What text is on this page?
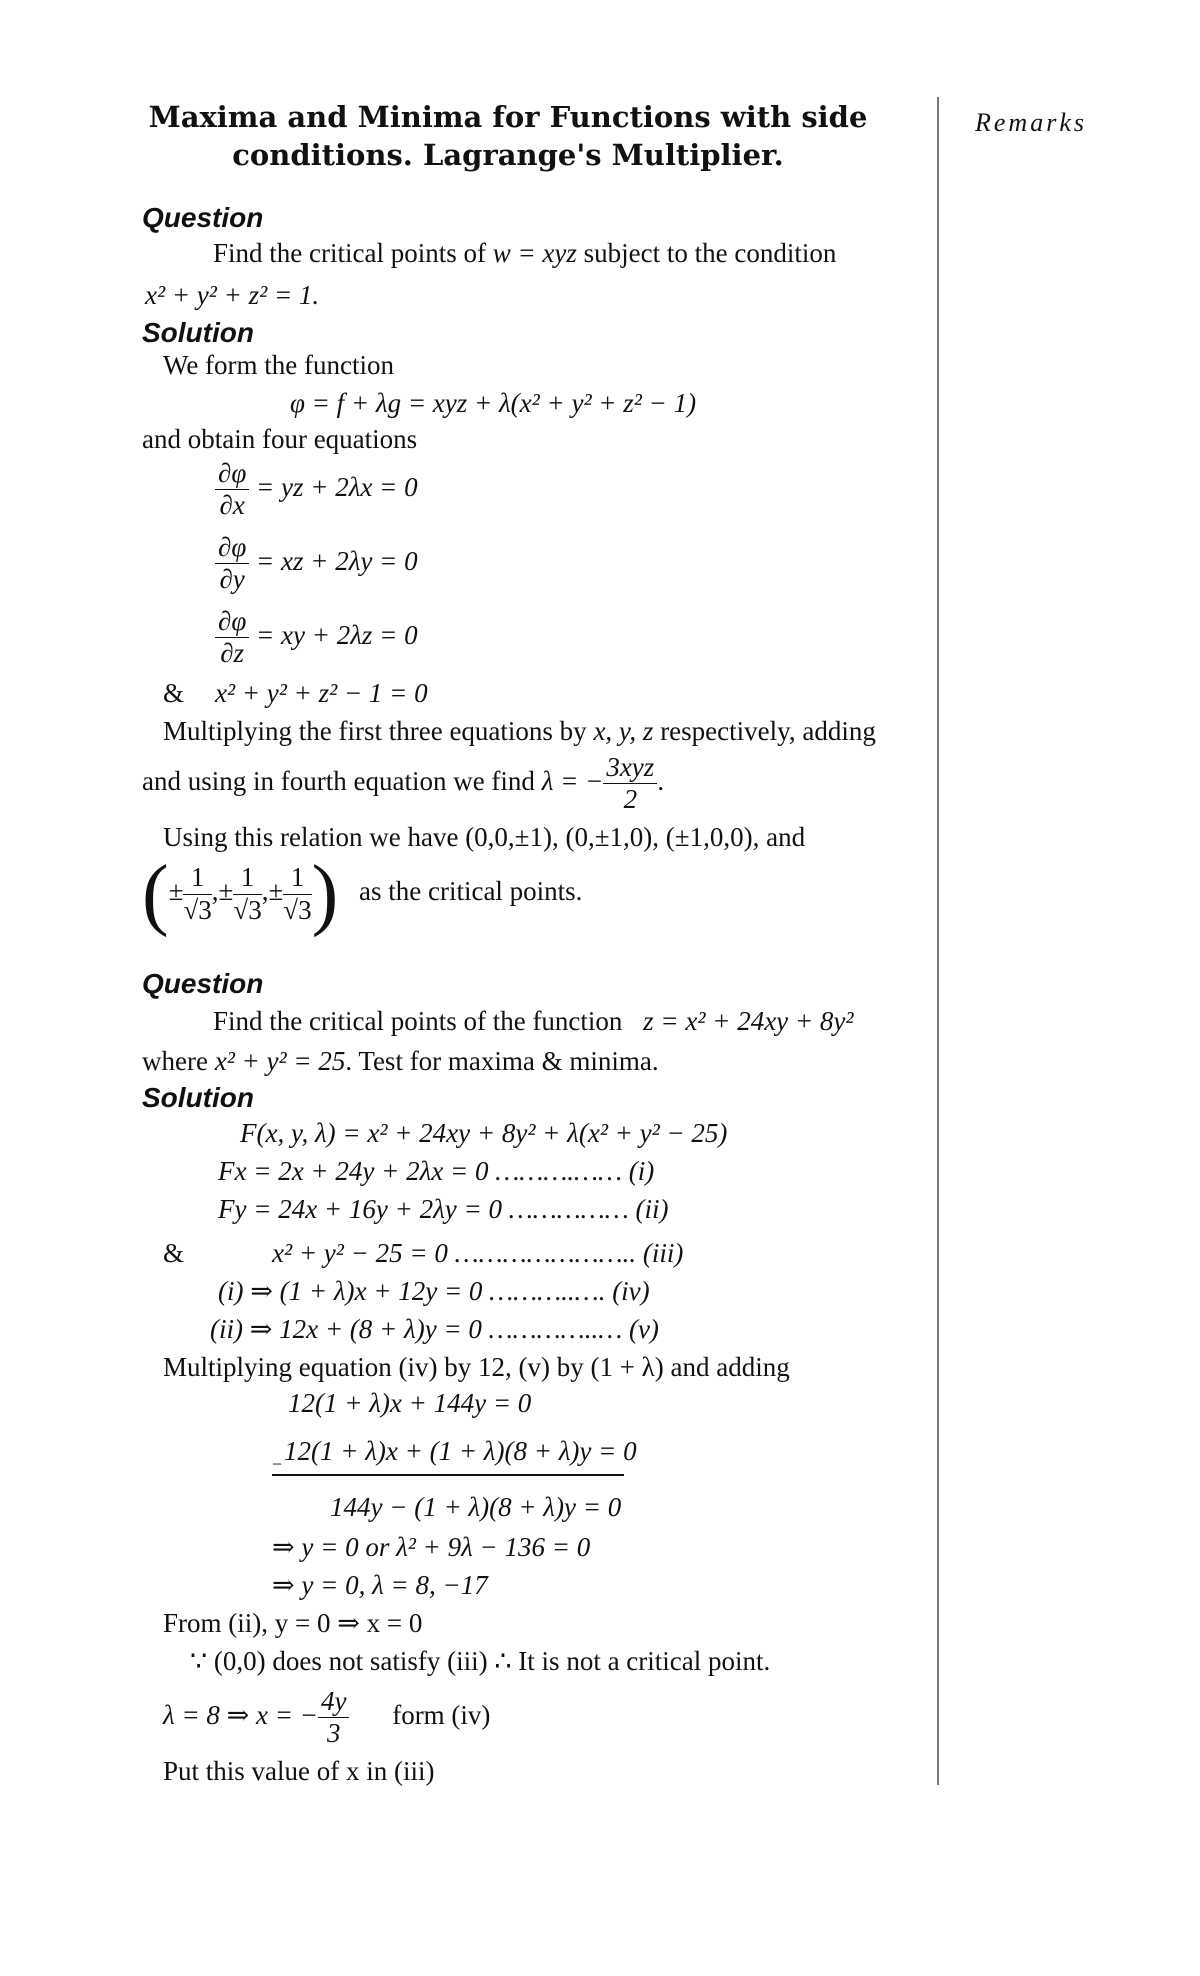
Maxima and Minima for Functions with side
conditions. Lagrange's Multiplier.
Remarks
Question
Find the critical points of w = xyz subject to the condition
x² + y² + z² = 1.
Solution
We form the function
φ = f + λg = xyz + λ(x² + y² + z² − 1)
and obtain four equations
$\frac{\partial\varphi}{\partial x}$ = yz + 2λx = 0
$\frac{\partial\varphi}{\partial y}$ = xz + 2λy = 0
$\frac{\partial\varphi}{\partial z}$ = xy + 2λz = 0
& x² + y² + z² − 1 = 0
Multiplying the first three equations by x, y, z respectively, adding
and using in fourth equation we find λ = − $\frac{\text{3xyz}}{2}$ .
Using this relation we have (0,0,±1), (0,±1,0), (±1,0,0), and
(± $\frac{1}{√3}$ ,± $\frac{1}{√3}$ ,± $\frac{1}{√3}$ ) as the critical points.
Question
Find the critical points of the function z = x² + 24xy + 8y²
where x² + y² = 25. Test for maxima & minima.
Solution
F(x, y, λ) = x² + 24xy + 8y² + λ(x² + y² − 25)
Fx = 2x + 24y + 2λx = 0 ……….…… (i)
Fy = 24x + 16y + 2λy = 0 …………… (ii)
&	x² + y² − 25 = 0 ………………….. (iii)
(i) ⇒ (1 + λ)x + 12y = 0 ………..…. (iv)
(ii) ⇒ 12x + (8 + λ)y = 0 …………..… (v)
Multiplying equation (iv) by 12, (v) by (1 + λ) and adding
12(1 + λ)x + 144y = 0
12(1 + λ)x + (1 + λ)(8 + λ)y = 0
−
144y − (1 + λ)(8 + λ)y = 0
⇒ y = 0 or λ² + 9λ − 136 = 0
⇒ y = 0, λ = 8, −17
From (ii), y = 0 ⇒ x = 0
∵ (0,0) does not satisfy (iii) ∴ It is not a critical point.
λ = 8 ⇒ x = − $\frac{4y}{3}$ form (iv)
Put this value of x in (iii)
